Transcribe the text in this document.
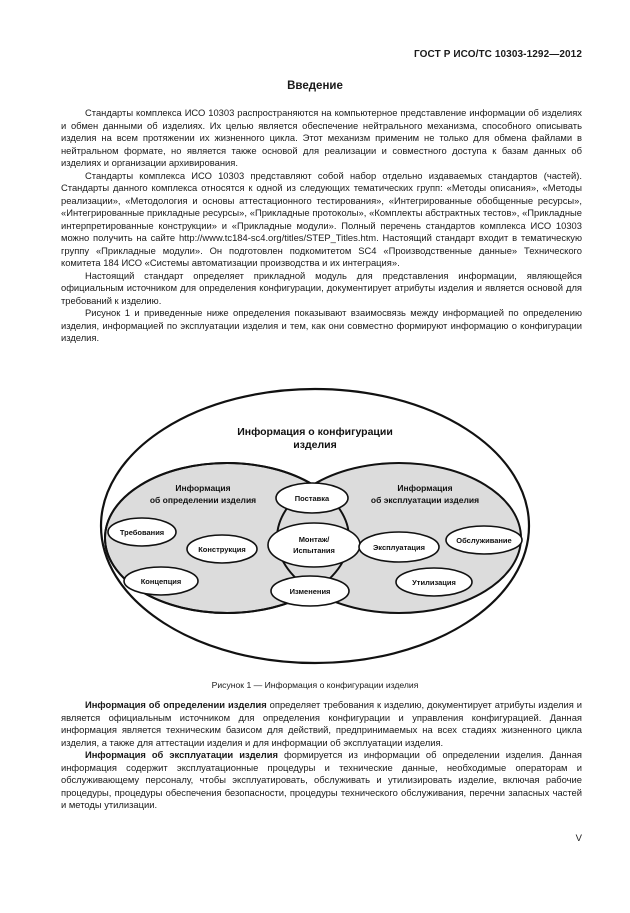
ГОСТ Р ИСО/ТС 10303-1292—2012
Введение

Стандарты комплекса ИСО 10303 распространяются на компьютерное представление информации об изделиях и обмен данными об изделиях. Их целью является обеспечение нейтрального механизма, способного описывать изделия на всем протяжении их жизненного цикла. Этот механизм применим не только для обмена файлами в нейтральном формате, но является также основой для реализации и совместного доступа к базам данных об изделиях и организации архивирования.

Стандарты комплекса ИСО 10303 представляют собой набор отдельно издаваемых стандартов (частей). Стандарты данного комплекса относятся к одной из следующих тематических групп: «Методы описания», «Методы реализации», «Методология и основы аттестационного тестирования», «Интегрированные обобщенные ресурсы», «Интегрированные прикладные ресурсы», «Прикладные протоколы», «Комплекты абстрактных тестов», «Прикладные интерпретированные конструкции» и «Прикладные модули». Полный перечень стандартов комплекса ИСО 10303 можно получить на сайте http://www.tc184-sc4.org/titles/STEP_Titles.htm. Настоящий стандарт входит в тематическую группу «Прикладные модули». Он подготовлен подкомитетом SC4 «Производственные данные» Технического комитета 184 ИСО «Системы автоматизации производства и их интеграция».

Настоящий стандарт определяет прикладной модуль для представления информации, являющейся официальным источником для определения конфигурации, документирует атрибуты изделия и является основой для требований к изделию.

Рисунок 1 и приведенные ниже определения показывают взаимосвязь между информацией по определению изделия, информацией по эксплуатации изделия и тем, как они совместно формируют информацию о конфигурации изделия.

Информация о конфигурации
изделия
Информация
об определении изделия
Информация
об эксплуатации изделия
Поставка
Монтаж/
Испытания
Изменения
Требования
Конструкция
Концепция
Эксплуатация
Обслуживание
Утилизация
Рисунок 1 — Информация о конфигурации изделия

Информация об определении изделия определяет требования к изделию, документирует атрибуты изделия и является официальным источником для определения конфигурации и управления конфигурацией. Данная информация является техническим базисом для действий, предпринимаемых на всех стадиях жизненного цикла изделия, а также для аттестации изделия и для информации об эксплуатации изделия.

Информация об эксплуатации изделия формируется из информации об определении изделия. Данная информация содержит эксплуатационные процедуры и технические данные, необходимые операторам и обслуживающему персоналу, чтобы эксплуатировать, обслуживать и утилизировать изделие, включая рабочие процедуры, процедуры обеспечения безопасности, процедуры технического обслуживания, перечни запасных частей и методы утилизации.

V
